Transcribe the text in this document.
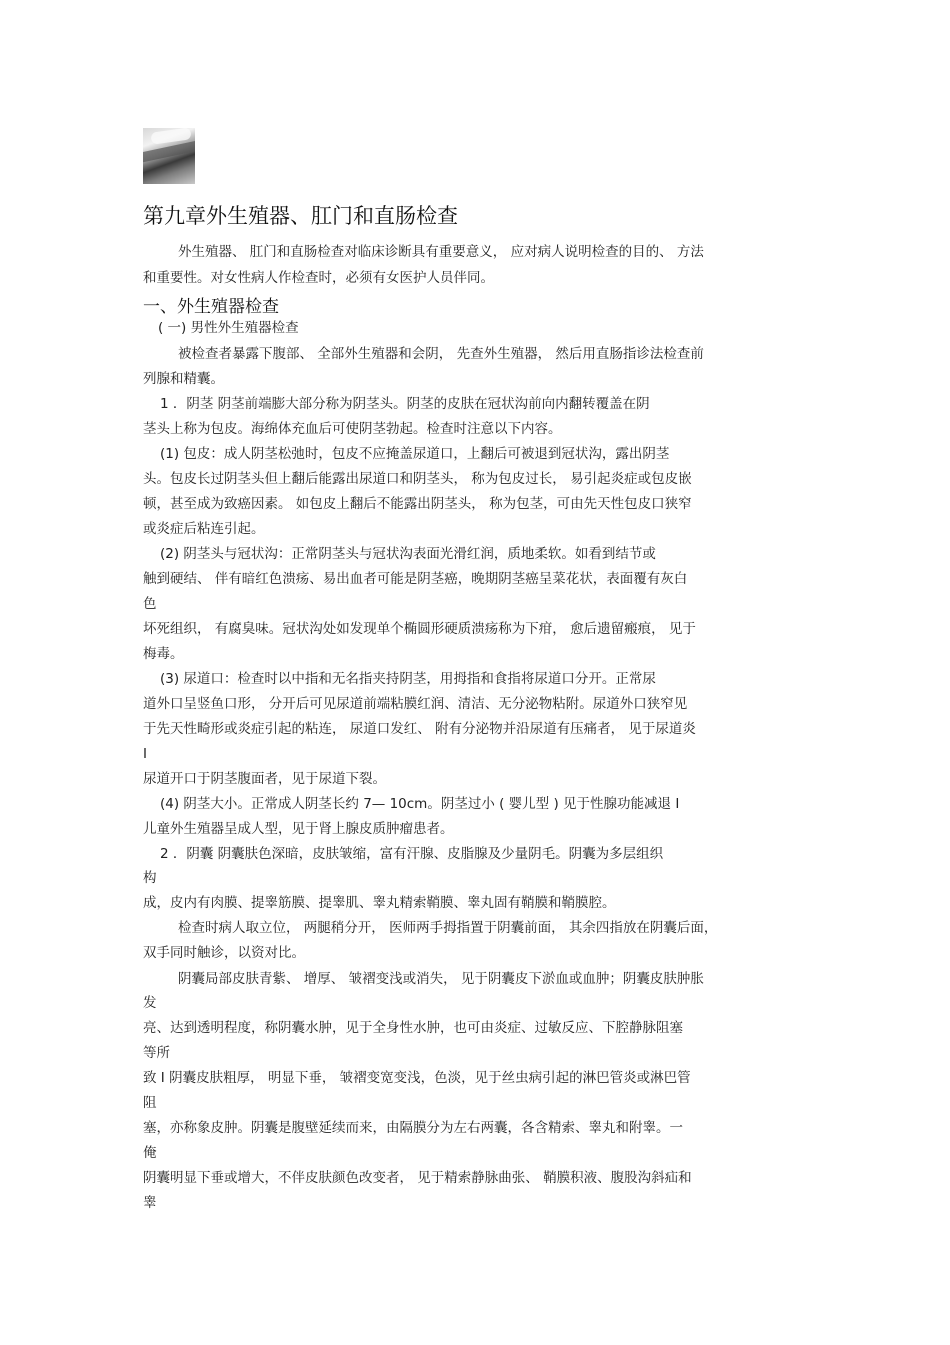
第九章外生殖器、肛门和直肠检查

外生殖器、 肛门和直肠检查对临床诊断具有重要意义， 应对病人说明检查的目的、 方法

和重要性。对女性病人作检查时，必须有女医护人员伴同。

一、外生殖器检查

( 一) 男性外生殖器检查

被检查者暴露下腹部、 全部外生殖器和会阴， 先查外生殖器， 然后用直肠指诊法检查前

列腺和精囊。

1 ．阴茎 阴茎前端膨大部分称为阴茎头。阴茎的皮肤在冠状沟前向内翻转覆盖在阴

茎头上称为包皮。海绵体充血后可使阴茎勃起。检查时注意以下内容。

(1) 包皮：成人阴茎松弛时，包皮不应掩盖尿道口，上翻后可被退到冠状沟，露出阴茎

头。包皮长过阴茎头但上翻后能露出尿道口和阴茎头， 称为包皮过长， 易引起炎症或包皮嵌

顿，甚至成为致癌因素。 如包皮上翻后不能露出阴茎头， 称为包茎，可由先天性包皮口狭窄

或炎症后粘连引起。

(2) 阴茎头与冠状沟：正常阴茎头与冠状沟表面光滑红润，质地柔软。如看到结节或

触到硬结、 伴有暗红色溃疡、易出血者可能是阴茎癌，晚期阴茎癌呈菜花状，表面覆有灰白

色

坏死组织， 有腐臭味。冠状沟处如发现单个椭圆形硬质溃疡称为下疳， 愈后遗留瘢痕， 见于

梅毒。

(3) 尿道口：检查时以中指和无名指夹持阴茎，用拇指和食指将尿道口分开。正常尿

道外口呈竖鱼口形， 分开后可见尿道前端粘膜红润、清洁、无分泌物粘附。尿道外口狭窄见

于先天性畸形或炎症引起的粘连， 尿道口发红、 附有分泌物并沿尿道有压痛者， 见于尿道炎

I

尿道开口于阴茎腹面者，见于尿道下裂。

(4) 阴茎大小。正常成人阴茎长约 7— 10cm。阴茎过小 ( 婴儿型 ) 见于性腺功能减退 I

儿童外生殖器呈成人型，见于肾上腺皮质肿瘤患者。

2 ．阴囊 阴囊肤色深暗，皮肤皱缩，富有汗腺、皮脂腺及少量阴毛。阴囊为多层组织

构

成，皮内有肉膜、提睾筋膜、提睾肌、睾丸精索鞘膜、睾丸固有鞘膜和鞘膜腔。

检查时病人取立位， 两腿稍分开， 医师两手拇指置于阴囊前面， 其余四指放在阴囊后面，

双手同时触诊，以资对比。

阴囊局部皮肤青紫、 增厚、 皱褶变浅或消失， 见于阴囊皮下淤血或血肿；阴囊皮肤肿胀

发

亮、达到透明程度，称阴囊水肿，见于全身性水肿，也可由炎症、过敏反应、下腔静脉阻塞

等所

致 I 阴囊皮肤粗厚， 明显下垂， 皱褶变宽变浅，色淡，见于丝虫病引起的淋巴管炎或淋巴管

阻

塞，亦称象皮肿。阴囊是腹壁延续而来，由隔膜分为左右两囊，各含精索、睾丸和附睾。一

俺

阴囊明显下垂或增大，不伴皮肤颜色改变者， 见于精索静脉曲张、 鞘膜积液、腹股沟斜疝和

睾
